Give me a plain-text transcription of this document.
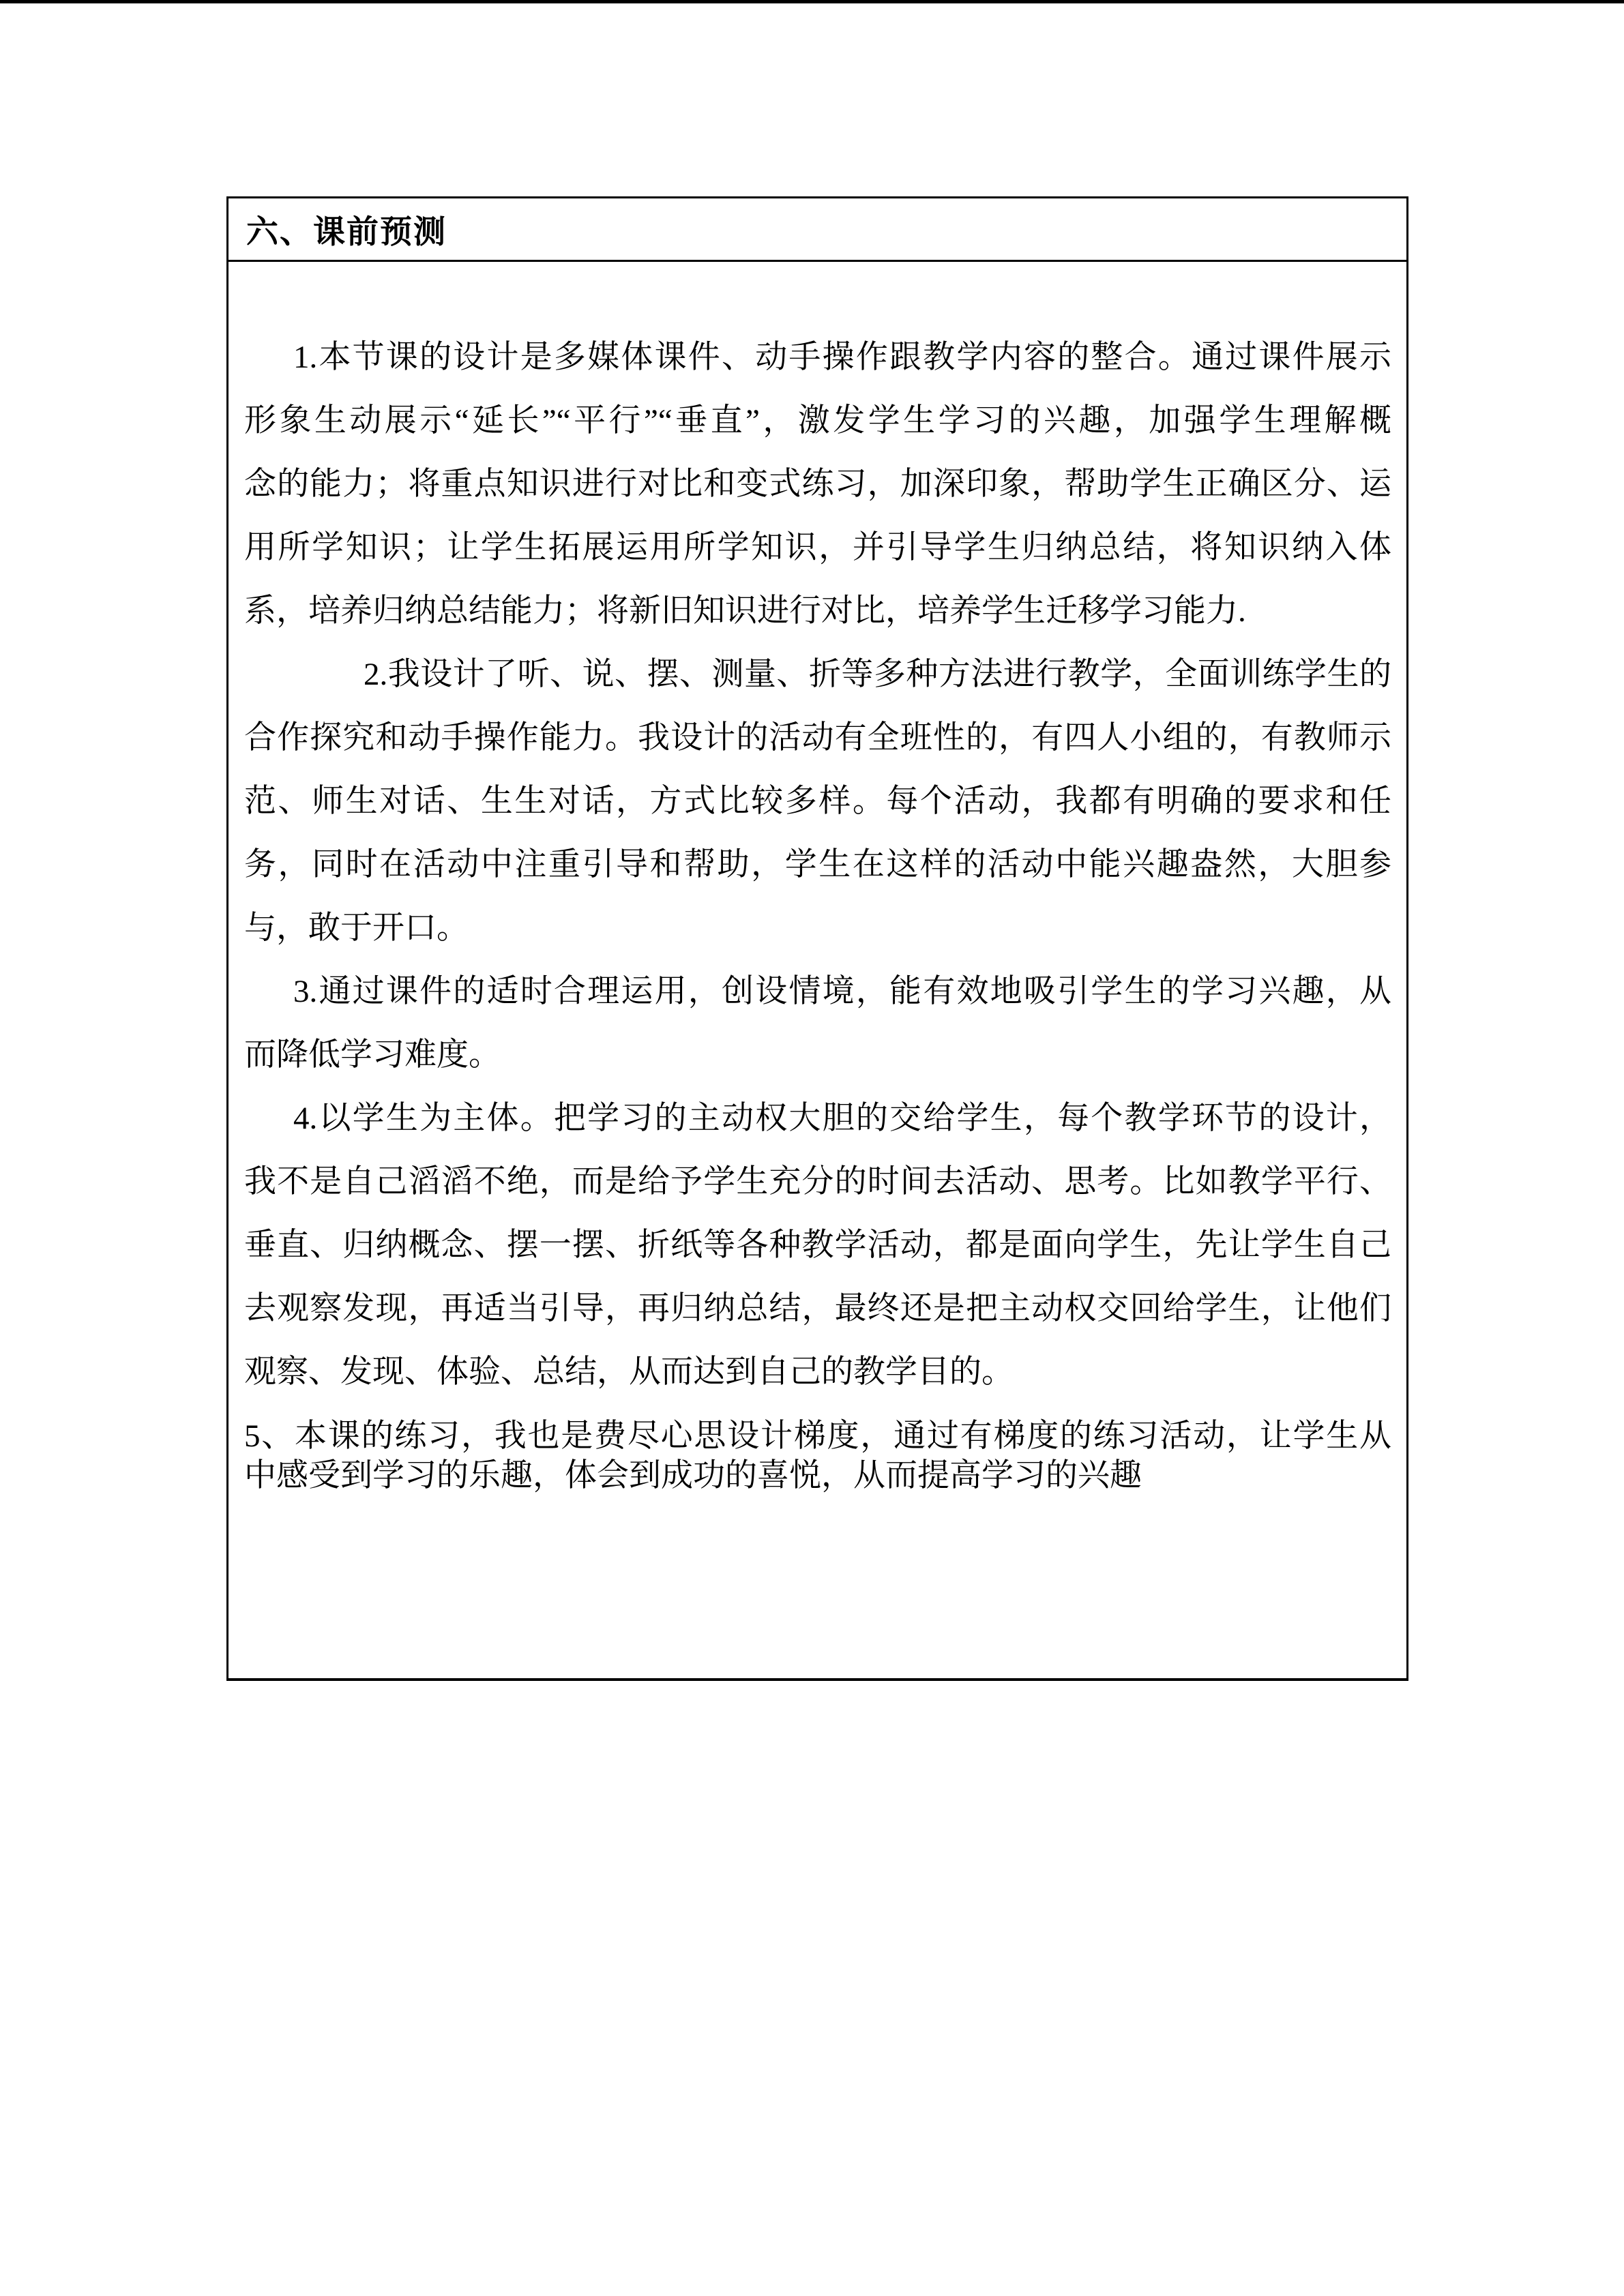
六、课前预测
1.本节课的设计是多媒体课件、动手操作跟教学内容的整合。通过课件展示
形象生动展示“延长”“平行”“垂直”，激发学生学习的兴趣，加强学生理解概
念的能力；将重点知识进行对比和变式练习，加深印象，帮助学生正确区分、运
用所学知识；让学生拓展运用所学知识，并引导学生归纳总结，将知识纳入体
系，培养归纳总结能力；将新旧知识进行对比，培养学生迁移学习能力.
2.我设计了听、说、摆、测量、折等多种方法进行教学，全面训练学生的
合作探究和动手操作能力。我设计的活动有全班性的，有四人小组的，有教师示
范、师生对话、生生对话，方式比较多样。每个活动，我都有明确的要求和任
务，同时在活动中注重引导和帮助，学生在这样的活动中能兴趣盎然，大胆参
与，敢于开口。
3.通过课件的适时合理运用，创设情境，能有效地吸引学生的学习兴趣，从
而降低学习难度。
4.以学生为主体。把学习的主动权大胆的交给学生，每个教学环节的设计，
我不是自己滔滔不绝，而是给予学生充分的时间去活动、思考。比如教学平行、
垂直、归纳概念、摆一摆、折纸等各种教学活动，都是面向学生，先让学生自己
去观察发现，再适当引导，再归纳总结，最终还是把主动权交回给学生，让他们
观察、发现、体验、总结，从而达到自己的教学目的。
5、本课的练习，我也是费尽心思设计梯度，通过有梯度的练习活动，让学生从
中感受到学习的乐趣，体会到成功的喜悦，从而提高学习的兴趣
